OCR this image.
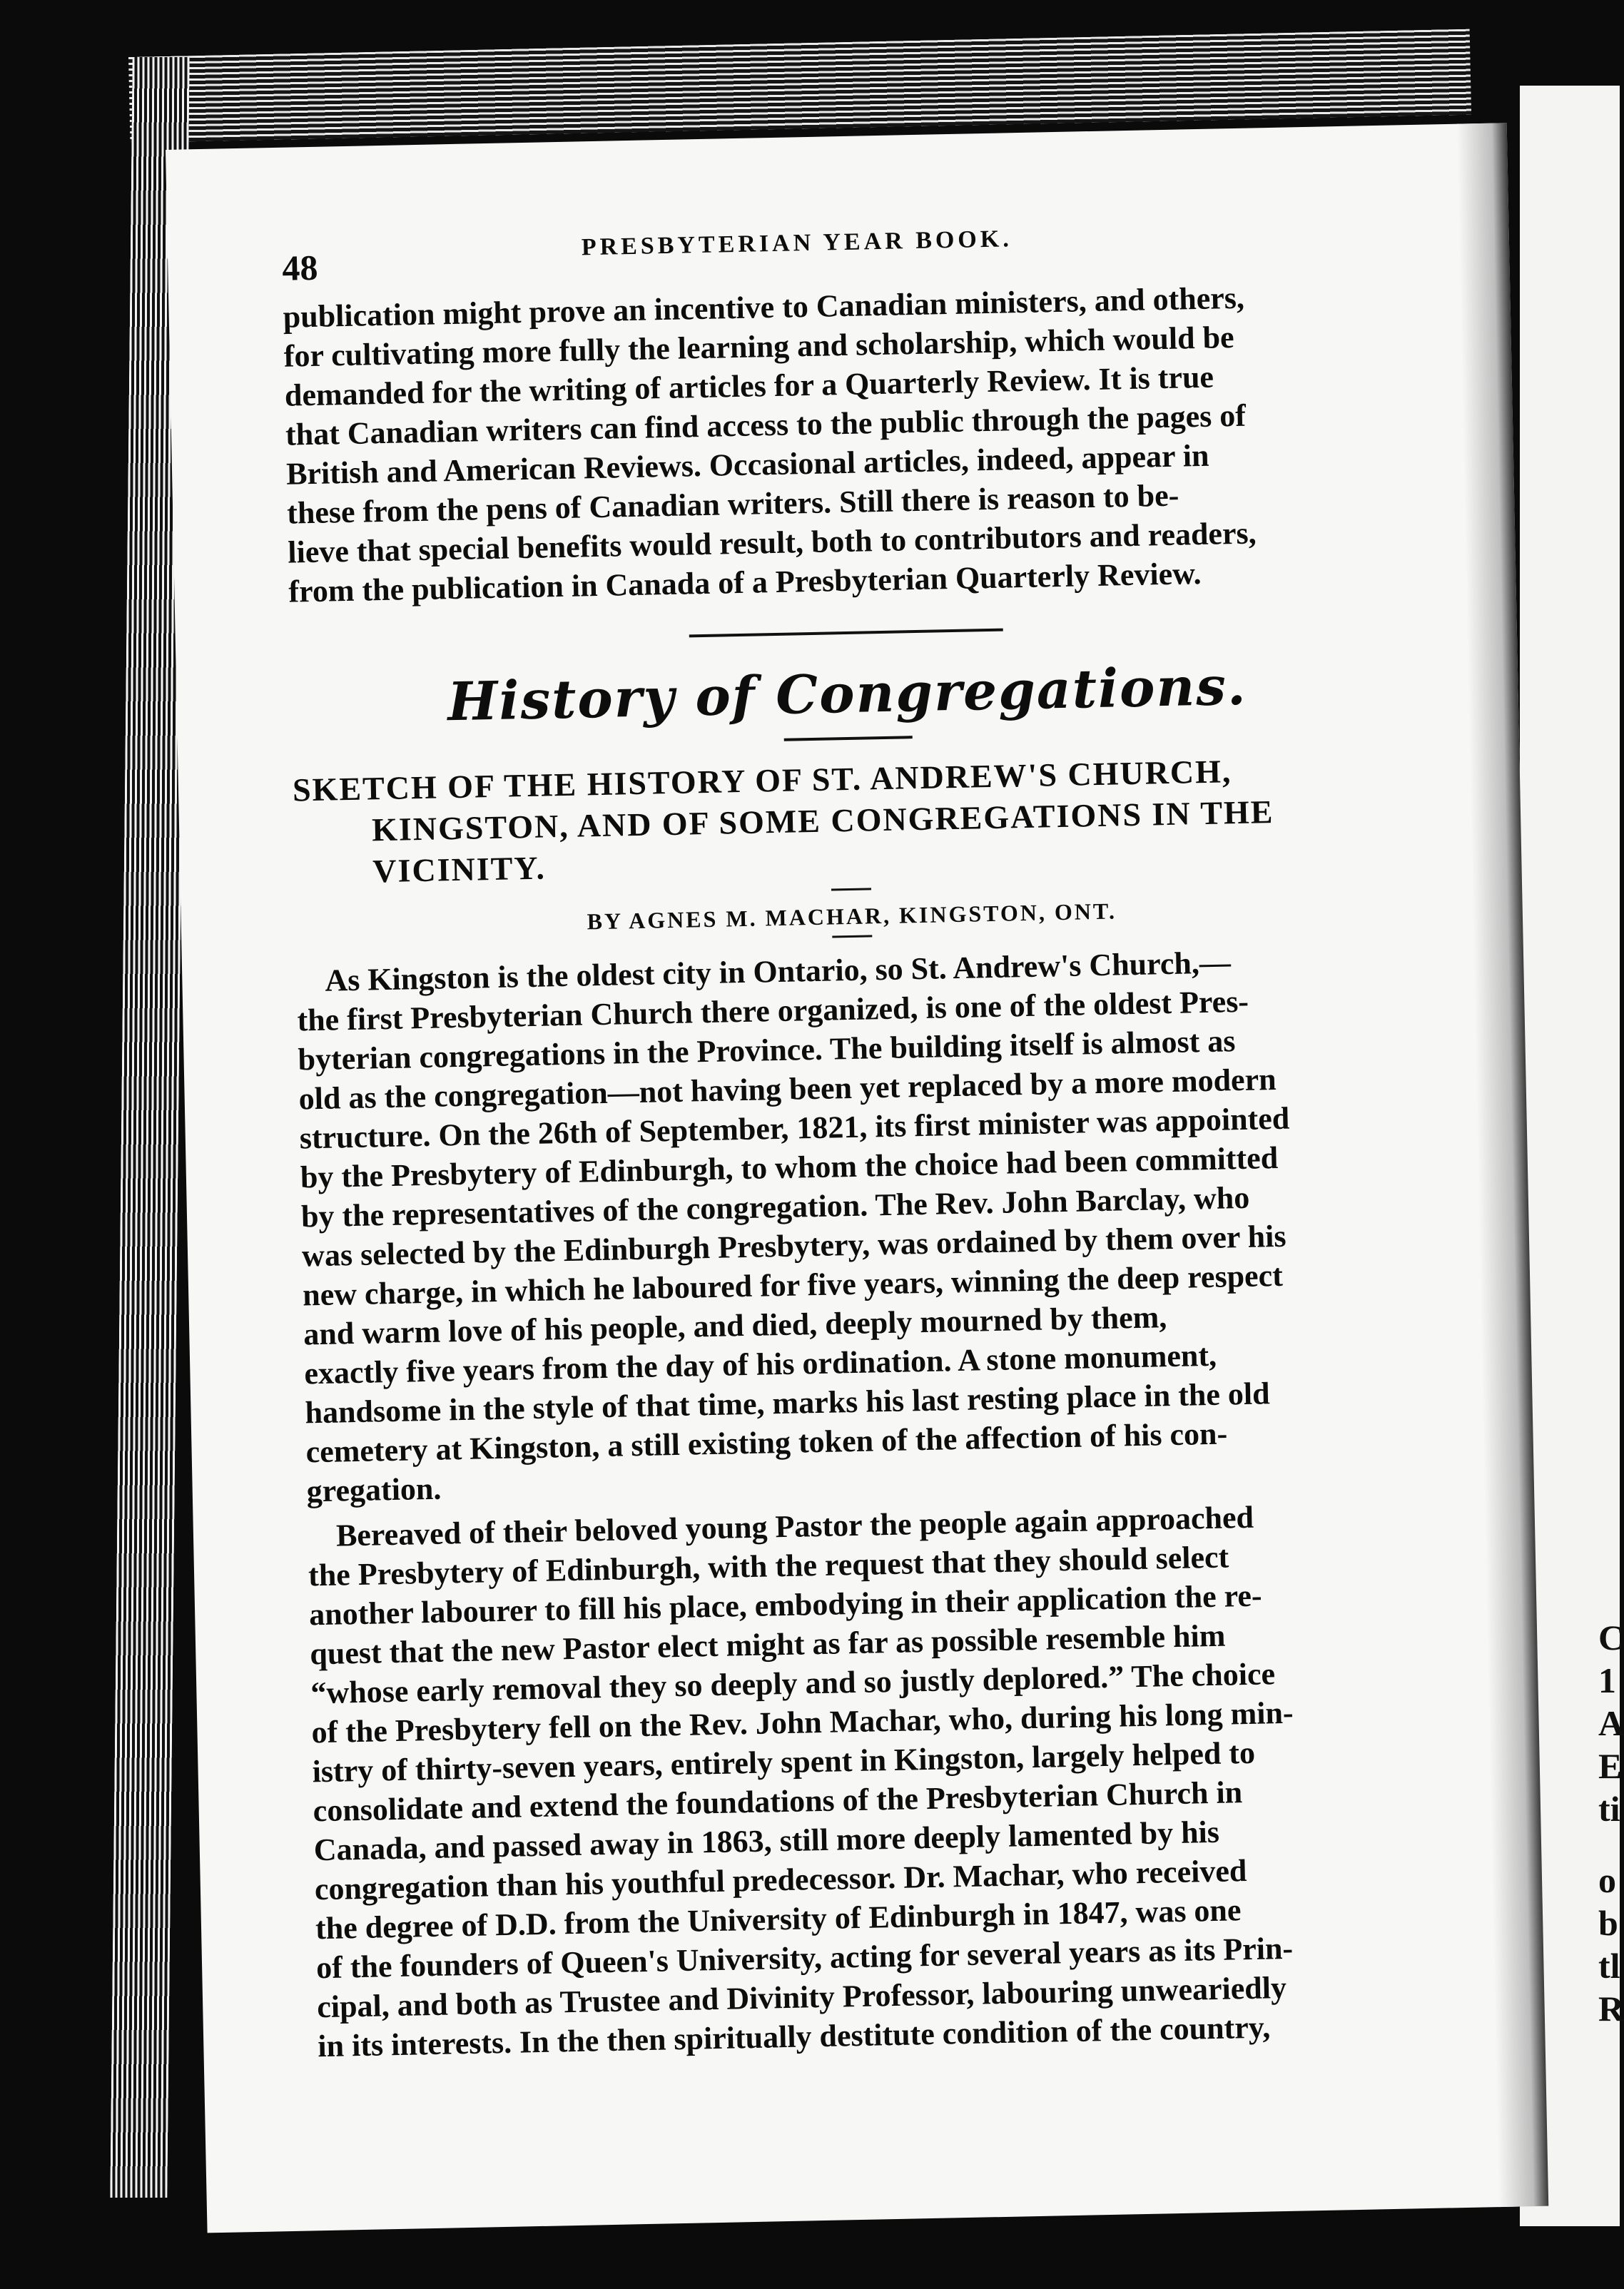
C
1
A
E
ti
o
b
tl
R
48
PRESBYTERIAN YEAR BOOK.

publication might prove an incentive to Canadian ministers, and others,
for cultivating more fully the learning and scholarship, which would be
demanded for the writing of articles for a Quarterly Review. It is true
that Canadian writers can find access to the public through the pages of
British and American Reviews. Occasional articles, indeed, appear in
these from the pens of Canadian writers. Still there is reason to be-
lieve that special benefits would result, both to contributors and readers,
from the publication in Canada of a Presbyterian Quarterly Review.

History of Congregations.
SKETCH OF THE HISTORY OF ST. ANDREW'S CHURCH,
KINGSTON, AND OF SOME CONGREGATIONS IN THE
VICINITY.

BY AGNES M. MACHAR, KINGSTON, ONT.

As Kingston is the oldest city in Ontario, so St. Andrew's Church,—
the first Presbyterian Church there organized, is one of the oldest Pres-
byterian congregations in the Province. The building itself is almost as
old as the congregation—not having been yet replaced by a more modern
structure. On the 26th of September, 1821, its first minister was appointed
by the Presbytery of Edinburgh, to whom the choice had been committed
by the representatives of the congregation. The Rev. John Barclay, who
was selected by the Edinburgh Presbytery, was ordained by them over his
new charge, in which he laboured for five years, winning the deep respect
and warm love of his people, and died, deeply mourned by them,
exactly five years from the day of his ordination. A stone monument,
handsome in the style of that time, marks his last resting place in the old
cemetery at Kingston, a still existing token of the affection of his con-
gregation.

Bereaved of their beloved young Pastor the people again approached
the Presbytery of Edinburgh, with the request that they should select
another labourer to fill his place, embodying in their application the re-
quest that the new Pastor elect might as far as possible resemble him
“whose early removal they so deeply and so justly deplored.” The choice
of the Presbytery fell on the Rev. John Machar, who, during his long min-
istry of thirty-seven years, entirely spent in Kingston, largely helped to
consolidate and extend the foundations of the Presbyterian Church in
Canada, and passed away in 1863, still more deeply lamented by his
congregation than his youthful predecessor. Dr. Machar, who received
the degree of D.D. from the University of Edinburgh in 1847, was one
of the founders of Queen's University, acting for several years as its Prin-
cipal, and both as Trustee and Divinity Professor, labouring unweariedly
in its interests. In the then spiritually destitute condition of the country,
